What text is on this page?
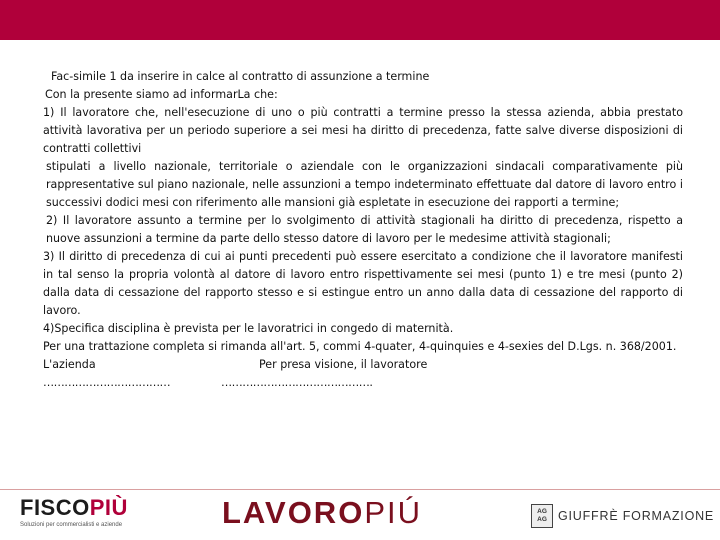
Fac-simile 1 da inserire in calce al contratto di assunzione a termine

Con la presente siamo ad informarLa che:

1) Il lavoratore che, nell'esecuzione di uno o più contratti a termine presso la stessa azienda, abbia prestato attività lavorativa per un periodo superiore a sei mesi ha diritto di precedenza, fatte salve diverse disposizioni di contratti collettivi

stipulati a livello nazionale, territoriale o aziendale con le organizzazioni sindacali comparativamente più rappresentative sul piano nazionale, nelle assunzioni a tempo indeterminato effettuate dal datore di lavoro entro i successivi dodici mesi con riferimento alle mansioni già espletate in esecuzione dei rapporti a termine;

2) Il lavoratore assunto a termine per lo svolgimento di attività stagionali ha diritto di precedenza, rispetto a nuove assunzioni a termine da parte dello stesso datore di lavoro per le medesime attività stagionali;

3) Il diritto di precedenza di cui ai punti precedenti può essere esercitato a condizione che il lavoratore manifesti in tal senso la propria volontà al datore di lavoro entro rispettivamente sei mesi (punto 1) e tre mesi (punto 2) dalla data di cessazione del rapporto stesso e si estingue entro un anno dalla data di cessazione del rapporto di lavoro.

4)Specifica disciplina è prevista per le lavoratrici in congedo di maternità.

Per una trattazione completa si rimanda all'art. 5, commi 4-quater, 4-quinquies e 4-sexies del D.Lgs. n. 368/2001.

L'azienda	Per presa visione, il lavoratore
………………………………	…………………………………….
FISCOPIÙ
Soluzioni per commercialisti e aziende	LAVOROPIÚ	AG
AG GIUFFRÈ FORMAZIONE
